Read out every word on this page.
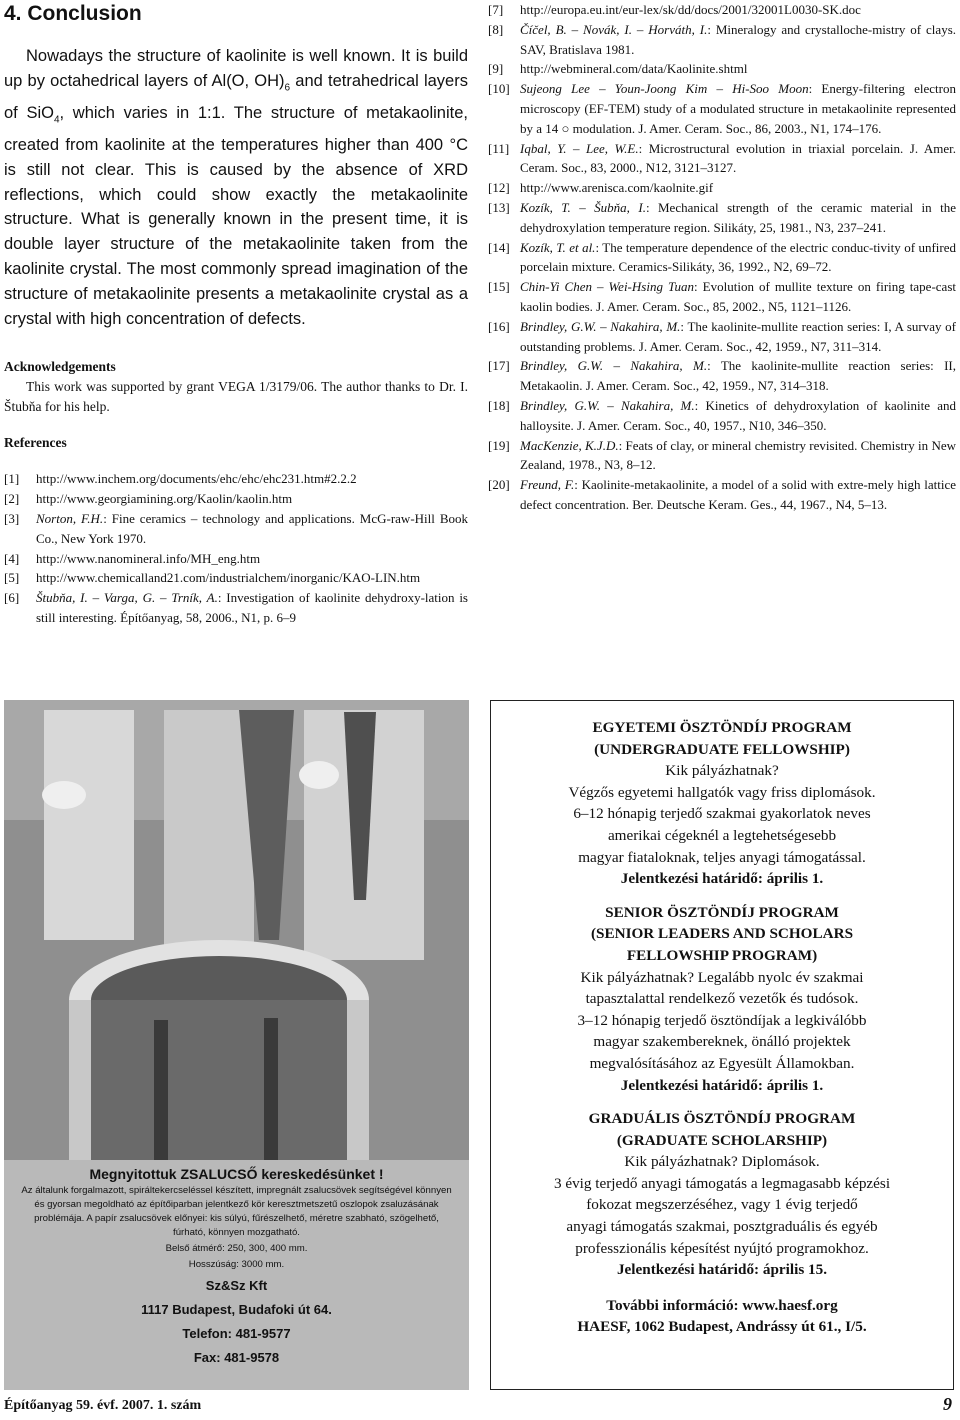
4. Conclusion

Nowadays the structure of kaolinite is well known. It is build up by octahedrical layers of Al(O, $OH)_6$ and tetrahedrical layers of SiO$_4$, which varies in 1:1. The structure of metakaolinite, created from kaolinite at the temperatures higher than 400 °C is still not clear. This is caused by the absence of XRD reflections, which could show exactly the metakaolinite structure. What is generally known in the present time, it is double layer structure of the metakaolinite taken from the kaolinite crystal. The most commonly spread imagination of the structure of metakaolinite presents a metakaolinite crystal as a crystal with high concentration of defects.

Acknowledgements

This work was supported by grant VEGA 1/3179/06. The author thanks to Dr. I. Štubňa for his help.

References
[1]	http://www.inchem.org/documents/ehc/ehc/ehc231.htm#2.2.2
[2]	http://www.georgiamining.org/Kaolin/kaolin.htm
[3]	Norton, F.H.: Fine ceramics – technology and applications. McG-raw-Hill Book Co., New York 1970.
[4]	http://www.nanomineral.info/MH_eng.htm
[5]	http://www.chemicalland21.com/industrialchem/inorganic/KAO-LIN.htm
[6]	Štubňa, I. – Varga, G. – Trník, A.: Investigation of kaolinite dehydroxy-lation is still interesting. Építőanyag, 58, 2006., N1, p. 6–9
[7]	http://europa.eu.int/eur-lex/sk/dd/docs/2001/32001L0030-SK.doc
[8]	Číčel, B. – Novák, I. – Horváth, I.: Mineralogy and crystalloche-mistry of clays. SAV, Bratislava 1981.
[9]	http://webmineral.com/data/Kaolinite.shtml
[10] Sujeong Lee – Youn-Joong Kim – Hi-Soo Moon: Energy-filtering electron microscopy (EF-TEM) study of a modulated structure in metakaolinite represented by a 14 ○ modulation. J. Amer. Ceram. Soc., 86, 2003., N1, 174–176.
[11] Iqbal, Y. – Lee, W.E.: Microstructural evolution in triaxial porcelain. J. Amer. Ceram. Soc., 83, 2000., N12, 3121–3127.
[12] http://www.arenisca.com/kaolnite.gif
[13] Kozík, T. – Šubňa, I.: Mechanical strength of the ceramic material in the dehydroxylation temperature region. Silikáty, 25, 1981., N3, 237–241.
[14] Kozík, T. et al.: The temperature dependence of the electric conduc-tivity of unfired porcelain mixture. Ceramics-Silikáty, 36, 1992., N2, 69–72.
[15] Chin-Yi Chen – Wei-Hsing Tuan: Evolution of mullite texture on firing tape-cast kaolin bodies. J. Amer. Ceram. Soc., 85, 2002., N5, 1121–1126.
[16] Brindley, G.W. – Nakahira, M.: The kaolinite-mullite reaction series: I, A survay of outstanding problems. J. Amer. Ceram. Soc., 42, 1959., N7, 311–314.
[17] Brindley, G.W. – Nakahira, M.: The kaolinite-mullite reaction series: II, Metakaolin. J. Amer. Ceram. Soc., 42, 1959., N7, 314–318.
[18] Brindley, G.W. – Nakahira, M.: Kinetics of dehydroxylation of kaolinite and halloysite. J. Amer. Ceram. Soc., 40, 1957., N10, 346–350.
[19] MacKenzie, K.J.D.: Feats of clay, or mineral chemistry revisited. Chemistry in New Zealand, 1978., N3, 8–12.
[20] Freund, F.: Kaolinite-metakaolinite, a model of a solid with extre-mely high lattice defect concentration. Ber. Deutsche Keram. Ges., 44, 1967., N4, 5–13.
Megnyitottuk ZSALUCSŐ kereskedésünket !
Az általunk forgalmazott, spiráltekercseléssel készített, impregnált zsalucsövek segítségével könnyen és gyorsan megoldható az építőiparban jelentkező kör keresztmetszetű oszlopok zsaluzásának problémája. A papír zsalucsövek előnyei: kis súlyú, fűrészelhető, méretre szabható, szögelhető, fúrható, könnyen mozgatható.
Belső átmérő: 250, 300, 400 mm.
Hosszúság: 3000 mm.
Sz&Sz Kft
1117 Budapest, Budafoki út 64.
Telefon: 481-9577
Fax: 481-9578
EGYETEMI ÖSZTÖNDÍJ PROGRAM
(UNDERGRADUATE FELLOWSHIP)
Kik pályázhatnak?
Végzős egyetemi hallgatók vagy friss diplomások.
6–12 hónapig terjedő szakmai gyakorlatok neves
amerikai cégeknél a legtehetségesebb
magyar fiataloknak, teljes anyagi támogatással.
Jelentkezési határidő: április 1.
SENIOR ÖSZTÖNDÍJ PROGRAM
(SENIOR LEADERS AND SCHOLARS
FELLOWSHIP PROGRAM)
Kik pályázhatnak? Legalább nyolc év szakmai
tapasztalattal rendelkező vezetők és tudósok.
3–12 hónapig terjedő ösztöndíjak a legkiválóbb
magyar szakembereknek, önálló projektek
megvalósításához az Egyesült Államokban.
Jelentkezési határidő: április 1.
GRADUÁLIS ÖSZTÖNDÍJ PROGRAM
(GRADUATE SCHOLARSHIP)
Kik pályázhatnak? Diplomások.
3 évig terjedő anyagi támogatás a legmagasabb képzési
fokozat megszerzéséhez, vagy 1 évig terjedő
anyagi támogatás szakmai, posztgraduális és egyéb
professzionális képesítést nyújtó programokhoz.
Jelentkezési határidő: április 15.
További információ: www.haesf.org
HAESF, 1062 Budapest, Andrássy út 61., I/5.
Építőanyag 59. évf. 2007. 1. szám	9
